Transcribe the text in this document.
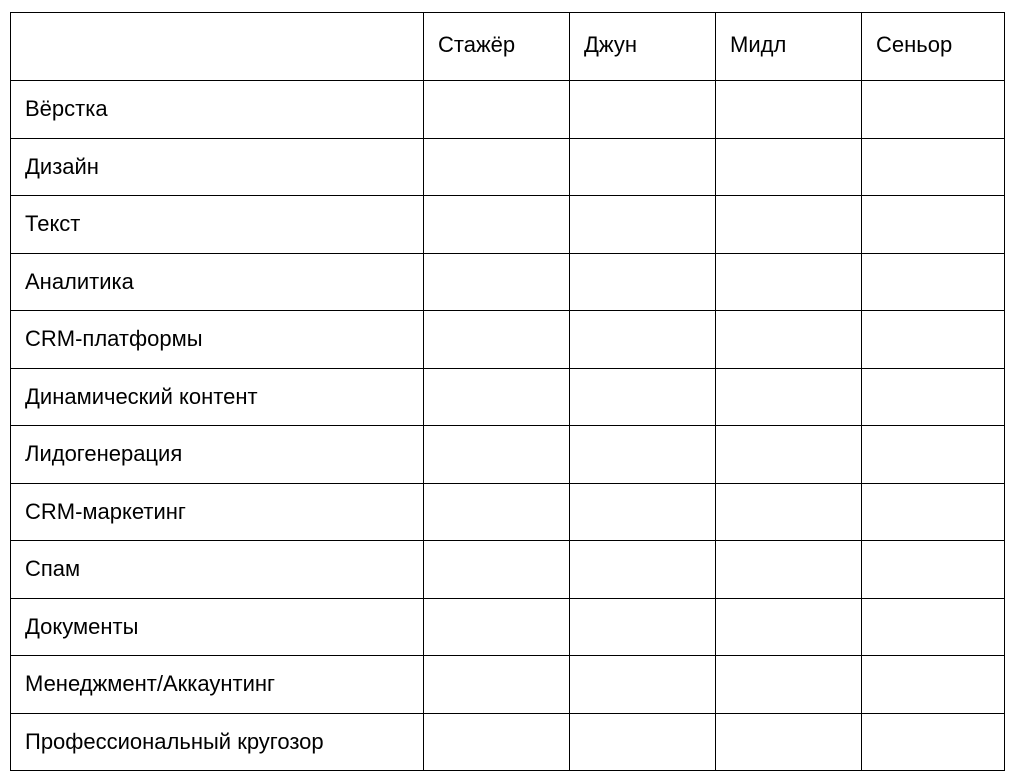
	Стажёр	Джун	Мидл	Сеньор
Вёрстка				
Дизайн				
Текст				
Аналитика				
CRM-платформы				
Динамический контент				
Лидогенерация				
CRM-маркетинг				
Спам				
Документы				
Менеджмент/Аккаунтинг				
Профессиональный кругозор				
